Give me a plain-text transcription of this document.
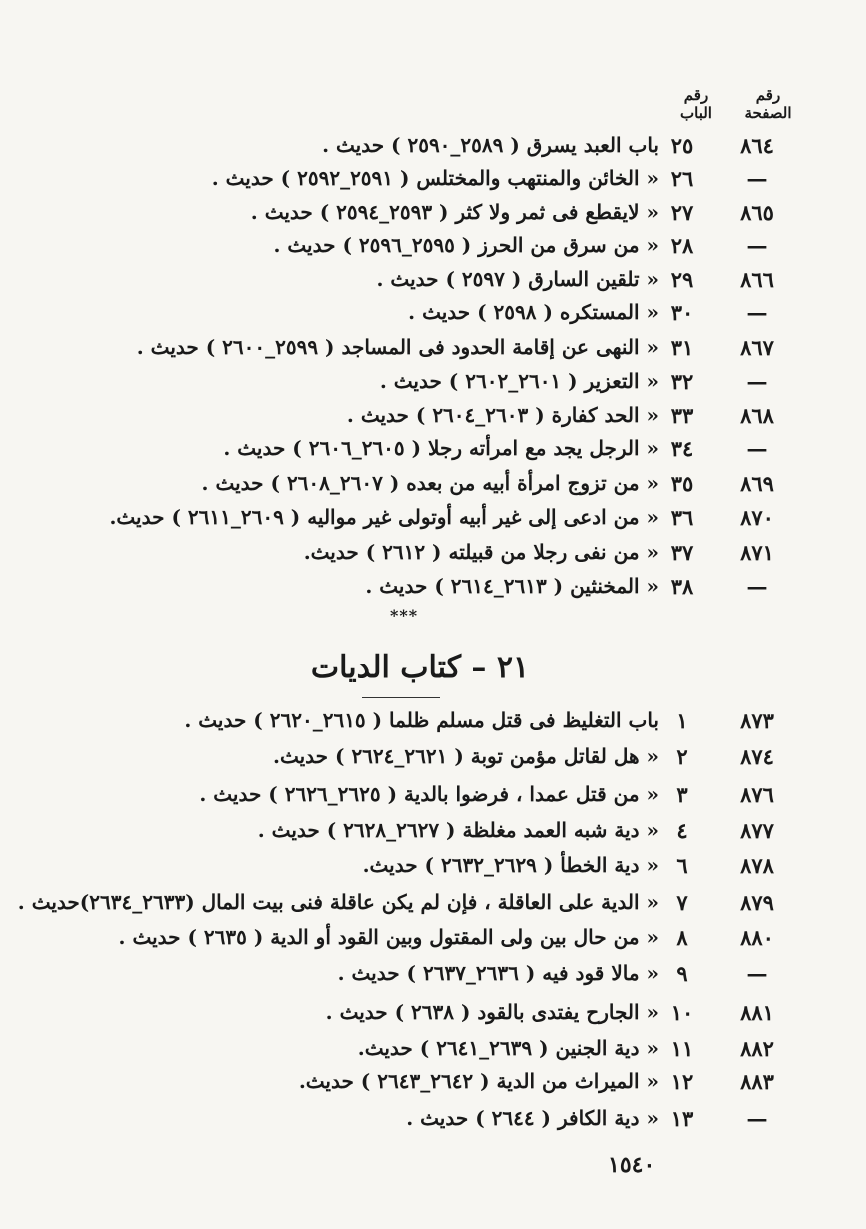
رقم
الصفحة
رقم
الباب
٨٦٤
٢٥
باب العبد يسرق ( ٢٥٨٩_٢٥٩٠ ) حديث .
—
٢٦
« الخائن والمنتهب والمختلس ( ٢٥٩١_٢٥٩٢ ) حديث .
٨٦٥
٢٧
« لايقطع فى ثمر ولا كثر ( ٢٥٩٣_٢٥٩٤ ) حديث .
—
٢٨
« من سرق من الحرز ( ٢٥٩٥_٢٥٩٦ ) حديث .
٨٦٦
٢٩
« تلقين السارق ( ٢٥٩٧ ) حديث .
—
٣٠
« المستكره ( ٢٥٩٨ ) حديث .
٨٦٧
٣١
« النهى عن إقامة الحدود فى المساجد ( ٢٥٩٩_٢٦٠٠ ) حديث .
—
٣٢
« التعزير ( ٢٦٠١_٢٦٠٢ ) حديث .
٨٦٨
٣٣
« الحد كفارة ( ٢٦٠٣_٢٦٠٤ ) حديث .
—
٣٤
« الرجل يجد مع امرأته رجلا ( ٢٦٠٥_٢٦٠٦ ) حديث .
٨٦٩
٣٥
« من تزوج امرأة أبيه من بعده ( ٢٦٠٧_٢٦٠٨ ) حديث .
٨٧٠
٣٦
« من ادعى إلى غير أبيه أوتولى غير مواليه ( ٢٦٠٩_٢٦١١ ) حديث.
٨٧١
٣٧
« من نفى رجلا من قبيلته ( ٢٦١٢ ) حديث.
—
٣٨
« المخنثين ( ٢٦١٣_٢٦١٤ ) حديث .
***
٢١ – كتاب الديات
٨٧٣
١
باب التغليظ فى قتل مسلم ظلما ( ٢٦١٥_٢٦٢٠ ) حديث .
٨٧٤
٢
« هل لقاتل مؤمن توبة ( ٢٦٢١_٢٦٢٤ ) حديث.
٨٧٦
٣
« من قتل عمدا ، فرضوا بالدية ( ٢٦٢٥_٢٦٢٦ ) حديث .
٨٧٧
٤
« دية شبه العمد مغلظة ( ٢٦٢٧_٢٦٢٨ ) حديث .
٨٧٨
٦
« دية الخطأ ( ٢٦٢٩_٢٦٣٢ ) حديث.
٨٧٩
٧
« الدية على العاقلة ، فإن لم يكن عاقلة فنى بيت المال (٢٦٣٣_٢٦٣٤)حديث .
٨٨٠
٨
« من حال بين ولى المقتول وبين القود أو الدية ( ٢٦٣٥ ) حديث .
—
٩
« مالا قود فيه ( ٢٦٣٦_٢٦٣٧ ) حديث .
٨٨١
١٠
« الجارح يفتدى بالقود ( ٢٦٣٨ ) حديث .
٨٨٢
١١
« دية الجنين ( ٢٦٣٩_٢٦٤١ ) حديث.
٨٨٣
١٢
« الميراث من الدية ( ٢٦٤٢_٢٦٤٣ ) حديث.
—
١٣
« دية الكافر ( ٢٦٤٤ ) حديث .
١٥٤٠
